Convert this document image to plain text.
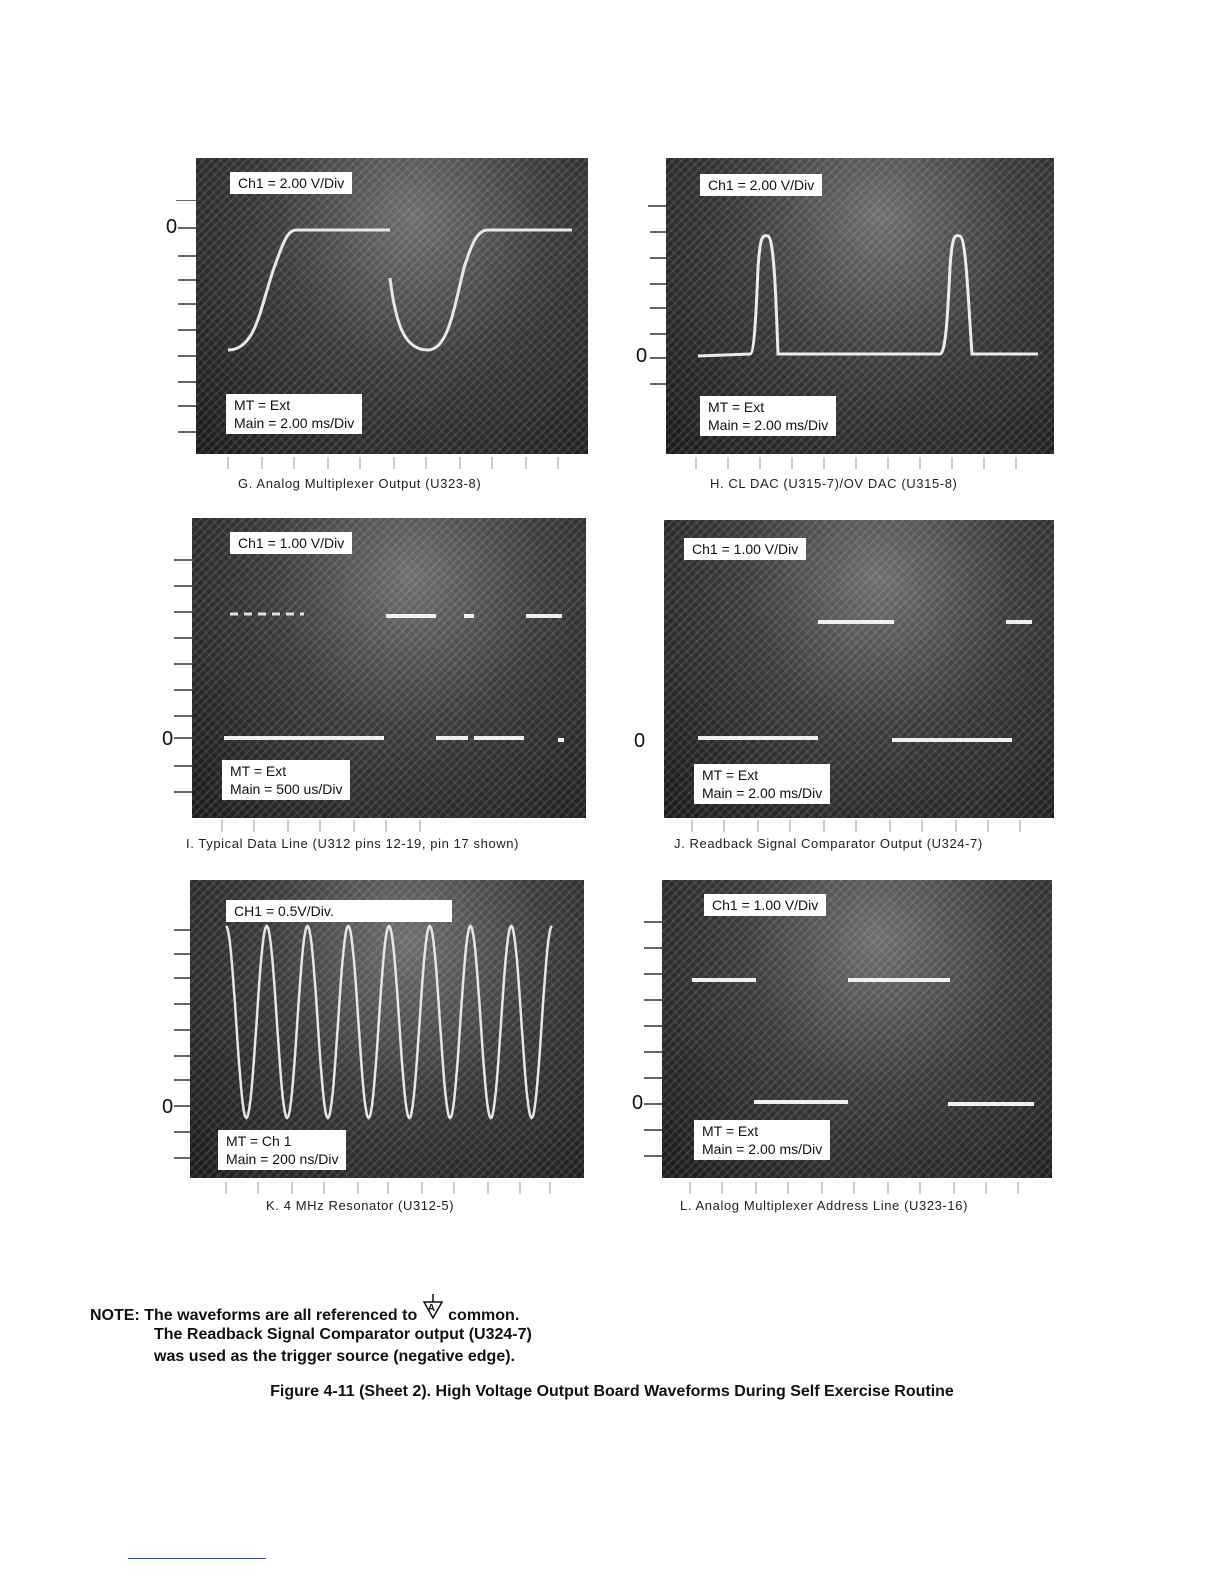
Ch1 = 2.00 V/Div
MT = Ext
Main = 2.00 ms/Div
0
G. Analog Multiplexer Output (U323-8)
Ch1 = 2.00 V/Div
MT = Ext
Main = 2.00 ms/Div
0
H. CL DAC (U315-7)/OV DAC (U315-8)
Ch1 = 1.00 V/Div
MT = Ext
Main = 500 us/Div
0
I. Typical Data Line (U312 pins 12-19, pin 17 shown)
Ch1 = 1.00 V/Div
MT = Ext
Main = 2.00 ms/Div
0
J. Readback Signal Comparator Output (U324-7)
CH1 = 0.5V/Div.
MT = Ch 1
Main = 200 ns/Div
0
K. 4 MHz Resonator (U312-5)
Ch1 = 1.00 V/Div
MT = Ext
Main = 2.00 ms/Div
0
L. Analog Multiplexer Address Line (U323-16)
NOTE: The waveforms are all referenced to A common.
The Readback Signal Comparator output (U324-7)
was used as the trigger source (negative edge).
Figure 4-11 (Sheet 2). High Voltage Output Board Waveforms During Self Exercise Routine
